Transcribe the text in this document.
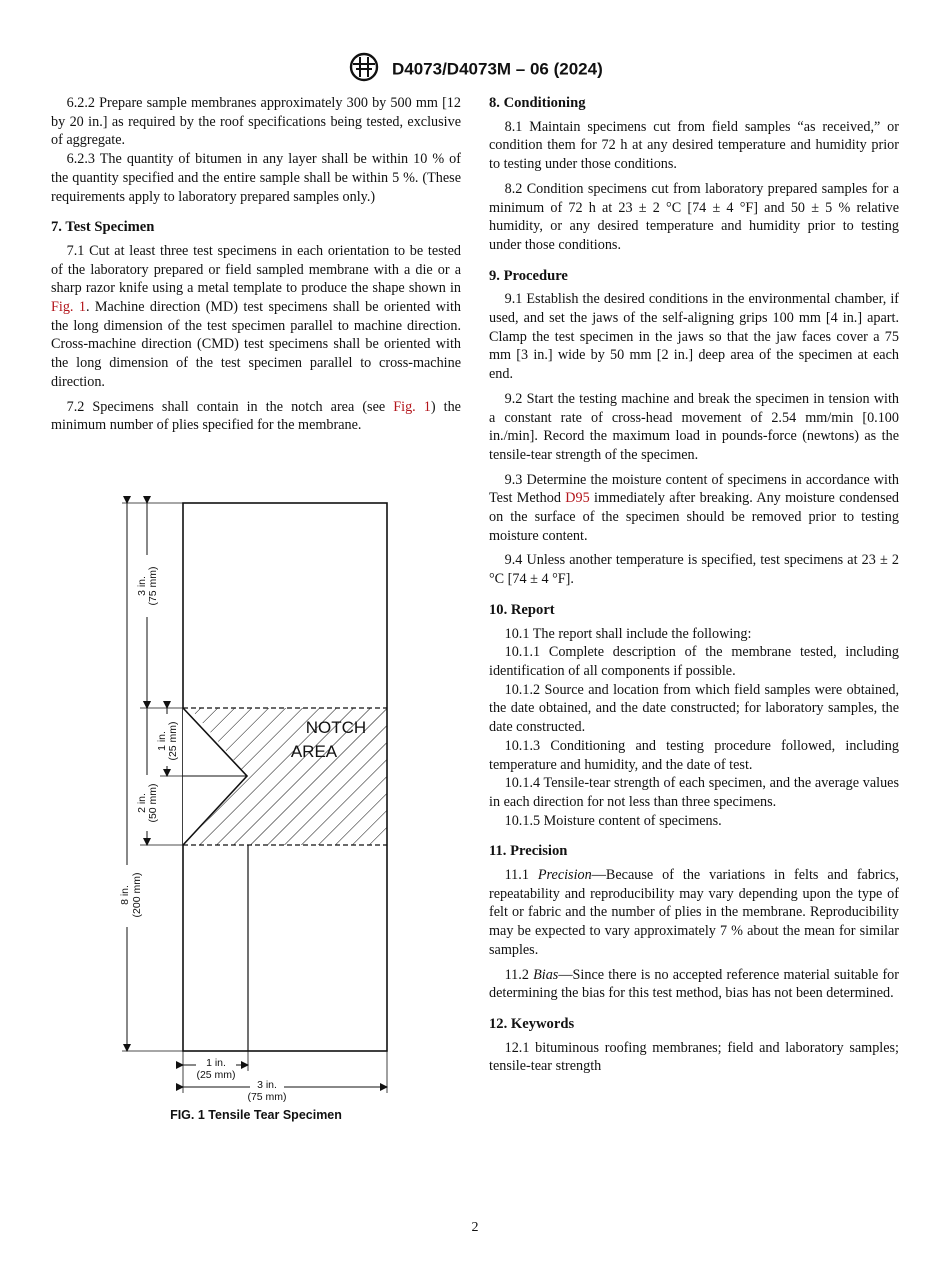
D4073/D4073M – 06 (2024)

6.2.2 Prepare sample membranes approximately 300 by 500 mm [12 by 20 in.] as required by the roof specifications being tested, exclusive of aggregate.

6.2.3 The quantity of bitumen in any layer shall be within 10 % of the quantity specified and the entire sample shall be within 5 %. (These requirements apply to laboratory prepared samples only.)

7. Test Specimen

7.1 Cut at least three test specimens in each orientation to be tested of the laboratory prepared or field sampled membrane with a die or a sharp razor knife using a metal template to produce the shape shown in Fig. 1. Machine direction (MD) test specimens shall be oriented with the long dimension of the test specimen parallel to machine direction. Cross-machine direction (CMD) test specimens shall be oriented with the long dimension of the test specimen parallel to cross-machine direction.

7.2 Specimens shall contain in the notch area (see Fig. 1) the minimum number of plies specified for the membrane.

NOTCH
AREA
3 in. (75 mm)
1 in. (25 mm)
2 in. (50 mm)
8 in. (200 mm)
1 in.
(25 mm)
3 in.
(75 mm)
FIG. 1 Tensile Tear Specimen
8. Conditioning

8.1 Maintain specimens cut from field samples “as received,” or condition them for 72 h at any desired temperature and humidity prior to testing under those conditions.

8.2 Condition specimens cut from laboratory prepared samples for a minimum of 72 h at 23 ± 2 °C [74 ± 4 °F] and 50 ± 5 % relative humidity, or any desired temperature and humidity prior to testing under those conditions.

9. Procedure

9.1 Establish the desired conditions in the environmental chamber, if used, and set the jaws of the self-aligning grips 100 mm [4 in.] apart. Clamp the test specimen in the jaws so that the jaw faces cover a 75 mm [3 in.] wide by 50 mm [2 in.] deep area of the specimen at each end.

9.2 Start the testing machine and break the specimen in tension with a constant rate of cross-head movement of 2.54 mm/min [0.100 in./min]. Record the maximum load in pounds-force (newtons) as the tensile-tear strength of the specimen.

9.3 Determine the moisture content of specimens in accordance with Test Method D95 immediately after breaking. Any moisture condensed on the surface of the specimen should be removed prior to testing moisture content.

9.4 Unless another temperature is specified, test specimens at 23 ± 2 °C [74 ± 4 °F].

10. Report

10.1 The report shall include the following:

10.1.1 Complete description of the membrane tested, including identification of all components if possible.

10.1.2 Source and location from which field samples were obtained, the date obtained, and the date constructed; for laboratory samples, the date constructed.

10.1.3 Conditioning and testing procedure followed, including temperature and humidity, and the date of test.

10.1.4 Tensile-tear strength of each specimen, and the average values in each direction for not less than three specimens.

10.1.5 Moisture content of specimens.

11. Precision

11.1 Precision—Because of the variations in felts and fabrics, repeatability and reproducibility may vary depending upon the type of felt or fabric and the number of plies in the membrane. Reproducibility may be expected to vary approximately 7 % about the mean for similar samples.

11.2 Bias—Since there is no accepted reference material suitable for determining the bias for this test method, bias has not been determined.

12. Keywords

12.1 bituminous roofing membranes; field and laboratory samples; tensile-tear strength

2
